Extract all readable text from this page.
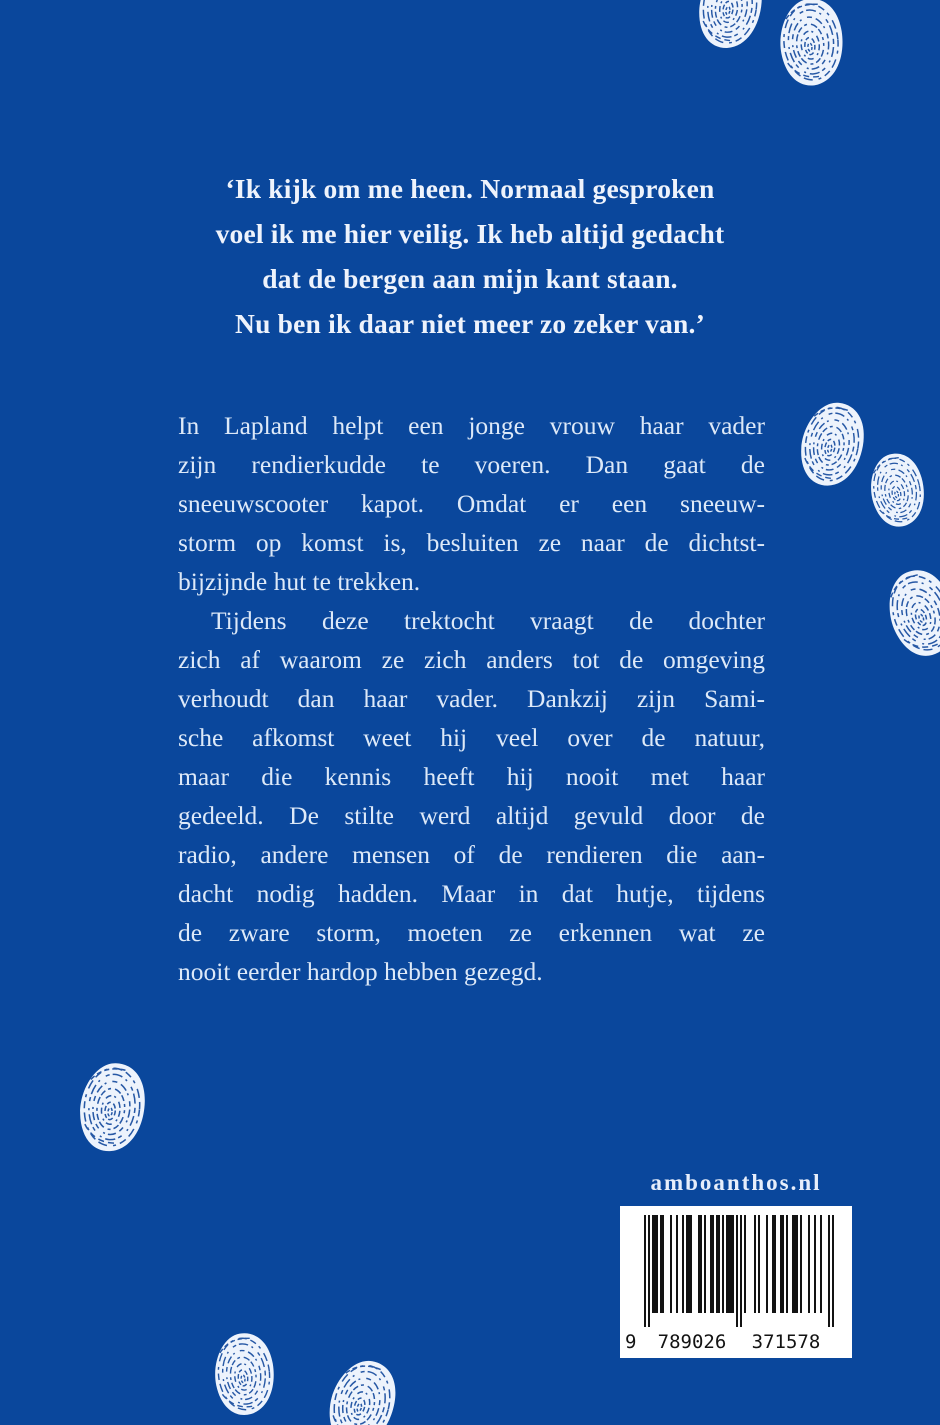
‘Ik kijk om me heen. Normaal gesproken
voel ik me hier veilig. Ik heb altijd gedacht
dat de bergen aan mijn kant staan.
Nu ben ik daar niet meer zo zeker van.’
In Lapland helpt een jonge vrouw haar vader
zijn rendierkudde te voeren. Dan gaat de
sneeuwscooter kapot. Omdat er een sneeuw-
storm op komst is, besluiten ze naar de dichtst-
bijzijnde hut te trekken.
Tijdens deze trektocht vraagt de dochter
zich af waarom ze zich anders tot de omgeving
verhoudt dan haar vader. Dankzij zijn Sami-
sche afkomst weet hij veel over de natuur,
maar die kennis heeft hij nooit met haar
gedeeld. De stilte werd altijd gevuld door de
radio, andere mensen of de rendieren die aan-
dacht nodig hadden. Maar in dat hutje, tijdens
de zware storm, moeten ze erkennen wat ze
nooit eerder hardop hebben gezegd.
amboanthos.nl
9	789026	371578
